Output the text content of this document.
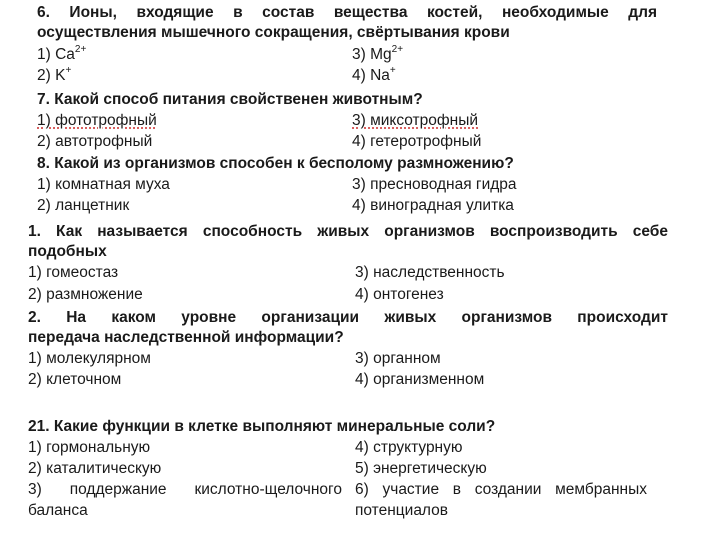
6. Ионы, входящие в состав вещества костей, необходимые для
осуществления мышечного сокращения, свёртывания крови
1) $Ca^{2+}$
2) K+
3) $Mg^{2+}$
4) Na+
7. Какой способ питания свойственен животным?
1) фототрофный
2) автотрофный
3) миксотрофный
4) гетеротрофный
8. Какой из организмов способен к бесполому размножению?
1) комнатная муха
2) ланцетник
3) пресноводная гидра
4) виноградная улитка
1. Как называется способность живых организмов воспроизводить себе
подобных
1) гомеостаз
2) размножение
3) наследственность
4) онтогенез
2. На каком уровне организации живых организмов происходит
передача наследственной информации?
1) молекулярном
2) клеточном
3) органном
4) организменном
21. Какие функции в клетке выполняют минеральные соли?
1) гормональную
2) каталитическую
3) поддержание кислотно-щелочного
баланса
4) структурную
5) энергетическую
6) участие в создании мембранных
потенциалов
